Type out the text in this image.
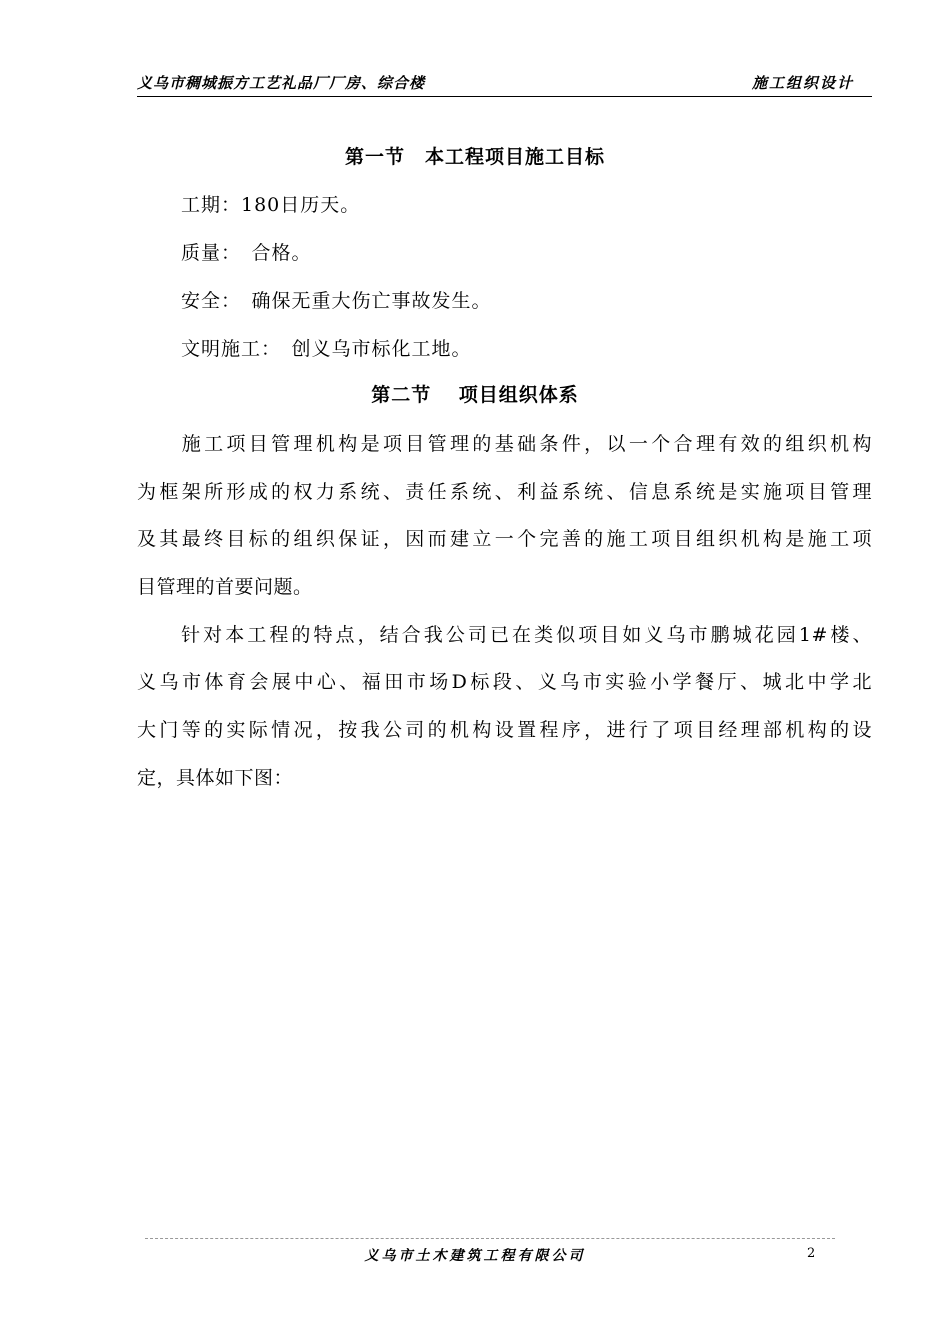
义乌市稠城振方工艺礼品厂厂房、综合楼	施工组织设计
第一节　本工程项目施工目标
工期：180日历天。
质量：　合格。
安全：　确保无重大伤亡事故发生。
文明施工：　创义乌市标化工地。
第二节　 项目组织体系
　　施工项目管理机构是项目管理的基础条件，以一个合理有效的组织机构
为框架所形成的权力系统、责任系统、利益系统、信息系统是实施项目管理
及其最终目标的组织保证，因而建立一个完善的施工项目组织机构是施工项
目管理的首要问题。
　　针对本工程的特点，结合我公司已在类似项目如义乌市鹏城花园1#楼、
义乌市体育会展中心、福田市场D标段、义乌市实验小学餐厅、城北中学北
大门等的实际情况，按我公司的机构设置程序，进行了项目经理部机构的设
定，具体如下图：
义乌市土木建筑工程有限公司	2
